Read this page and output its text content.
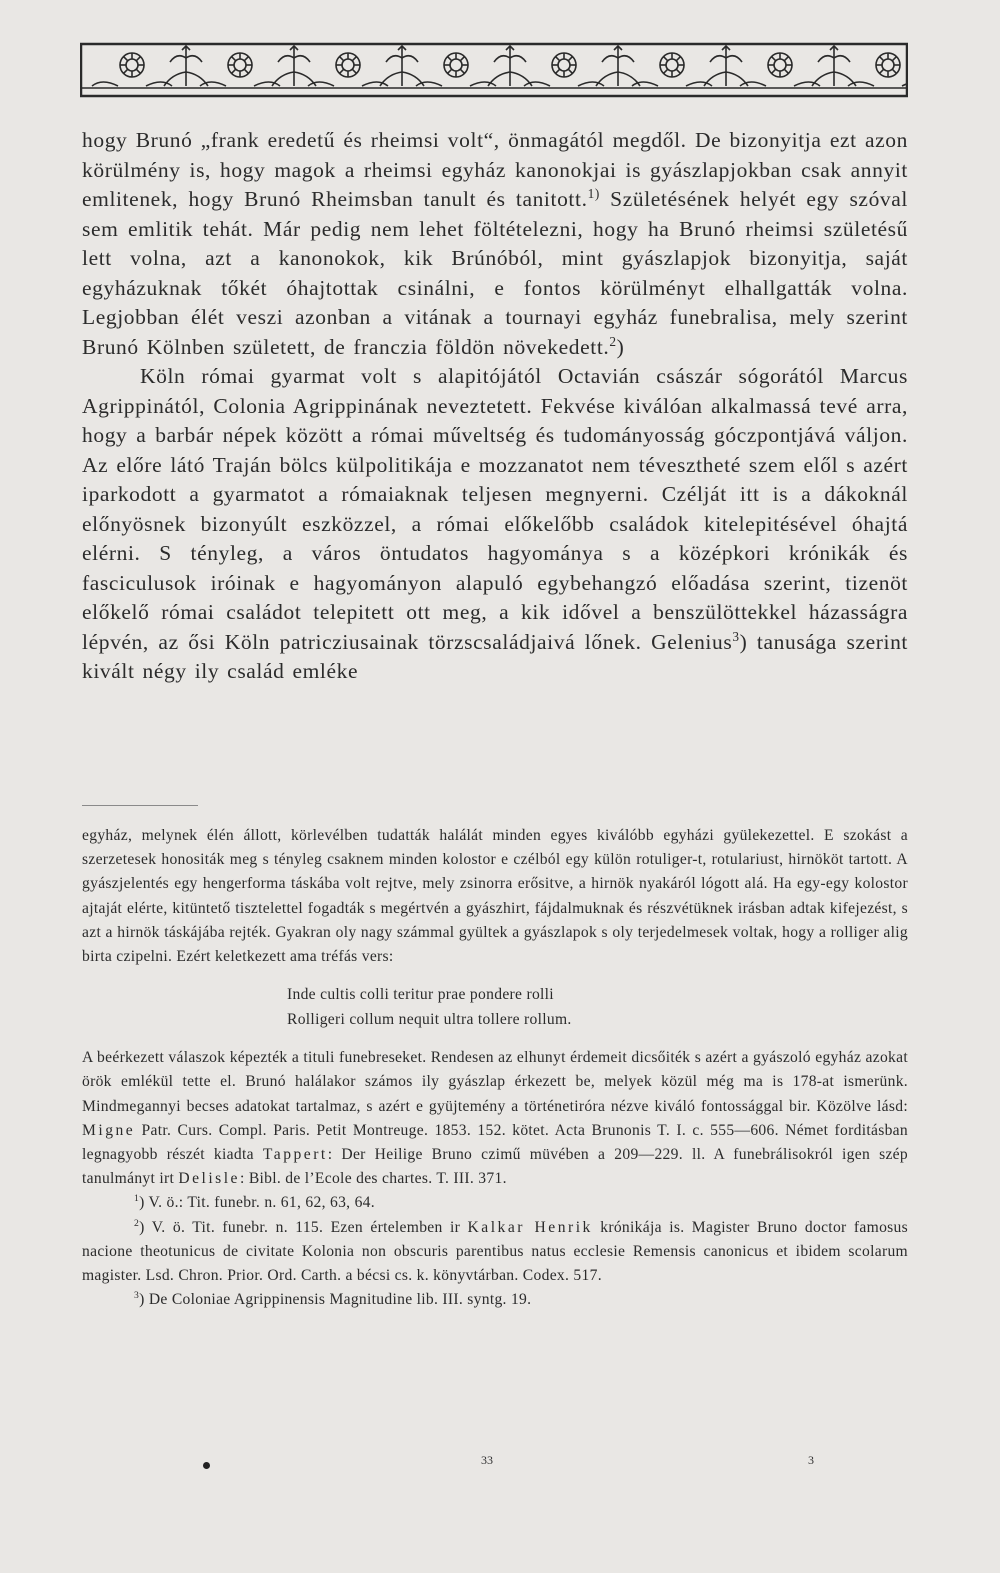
hogy Brunó „frank eredetű és rheimsi volt“, önmagától megdől. De bizonyitja ezt azon körülmény is, hogy magok a rheimsi egyház kanonokjai is gyászlapjokban csak annyit emlitenek, hogy Brunó Rheimsban tanult és tanitott.$^{1)}$ Születésének helyét egy szóval sem emlitik tehát. Már pedig nem lehet föltételezni, hogy ha Brunó rheimsi születésű lett volna, azt a kanonokok, kik Brúnóból, mint gyászlapjok bizonyitja, saját egyházuknak tőkét óhajtottak csinálni, e fontos körülményt elhallgatták volna. Legjobban élét veszi azonban a vitának a tournayi egyház funebralisa, mely szerint Brunó Kölnben született, de franczia földön növekedett.$^2$)

Köln római gyarmat volt s alapitójától Octavián császár sógorától Marcus Agrippinától, Colonia Agrippinának neveztetett. Fekvése kiválóan alkalmassá tevé arra, hogy a barbár népek között a római műveltség és tudományosság góczpontjává váljon. Az előre látó Traján bölcs külpolitikája e mozzanatot nem tévesztheté szem elől s azért iparkodott a gyarmatot a rómaiaknak teljesen megnyerni. Czélját itt is a dákoknál előnyösnek bizonyúlt eszközzel, a római előkelőbb családok kitelepitésével óhajtá elérni. S tényleg, a város öntudatos hagyománya s a középkori krónikák és fasciculusok iróinak e hagyományon alapuló egybehangzó előadása szerint, tizenöt előkelő római családot telepitett ott meg, a kik idővel a benszülöttekkel házasságra lépvén, az ősi Köln patricziusainak törzscsaládjaivá lőnek. Gelenius$^3$) tanusága szerint kivált négy ily család emléke

egyház, melynek élén állott, körlevélben tudatták halálát minden egyes kiválóbb egyházi gyülekezettel. E szokást a szerzetesek honositák meg s tényleg csaknem minden kolostor e czélból egy külön rotuliger-t, rotulariust, hirnököt tartott. A gyászjelentés egy hengerforma táskába volt rejtve, mely zsinorra erősitve, a hirnök nyakáról lógott alá. Ha egy-egy kolostor ajtaját elérte, kitüntető tisztelettel fogadták s megértvén a gyászhirt, fájdalmuknak és részvétüknek irásban adtak kifejezést, s azt a hirnök táskájába rejték. Gyakran oly nagy számmal gyültek a gyászlapok s oly terjedelmesek voltak, hogy a rolliger alig birta czipelni. Ezért keletkezett ama tréfás vers:

Inde cultis colli teritur prae pondere rolli
Rolligeri collum nequit ultra tollere rollum.

A beérkezett válaszok képezték a tituli funebreseket. Rendesen az elhunyt érdemeit dicsőiték s azért a gyászoló egyház azokat örök emlékül tette el. Brunó halálakor számos ily gyászlap érkezett be, melyek közül még ma is 178-at ismerünk. Mindmegannyi becses adatokat tartalmaz, s azért e gyüjtemény a történetiróra nézve kiváló fontossággal bir. Közölve lásd: Migne Patr. Curs. Compl. Paris. Petit Montreuge. 1853. 152. kötet. Acta Brunonis T. I. c. 555—606. Német forditásban legnagyobb részét kiadta Tappert: Der Heilige Bruno czimű müvében a 209—229. ll. A funebrálisokról igen szép tanulmányt irt Delisle: Bibl. de l’Ecole des chartes. T. III. 371.

$^1$) V. ö.: Tit. funebr. n. 61, 62, 63, 64.

$^2$) V. ö. Tit. funebr. n. 115. Ezen értelemben ir Kalkar Henrik krónikája is. Magister Bruno doctor famosus nacione theotunicus de civitate Kolonia non obscuris parentibus natus ecclesie Remensis canonicus et ibidem scolarum magister. Lsd. Chron. Prior. Ord. Carth. a bécsi cs. k. könyvtárban. Codex. 517.

$^3$) De Coloniae Agrippinensis Magnitudine lib. III. syntg. 19.

33	3
